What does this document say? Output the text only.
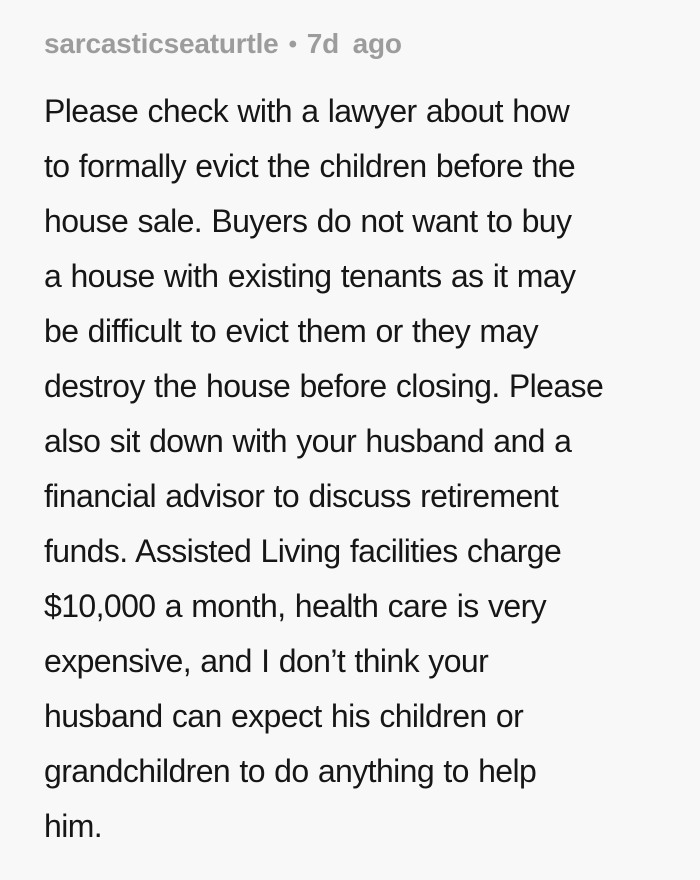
sarcasticseaturtle • 7d ago
Please check with a lawyer about how
to formally evict the children before the
house sale. Buyers do not want to buy
a house with existing tenants as it may
be difficult to evict them or they may
destroy the house before closing. Please
also sit down with your husband and a
financial advisor to discuss retirement
funds. Assisted Living facilities charge
$10,000 a month, health care is very
expensive, and I don’t think your
husband can expect his children or
grandchildren to do anything to help
him.
